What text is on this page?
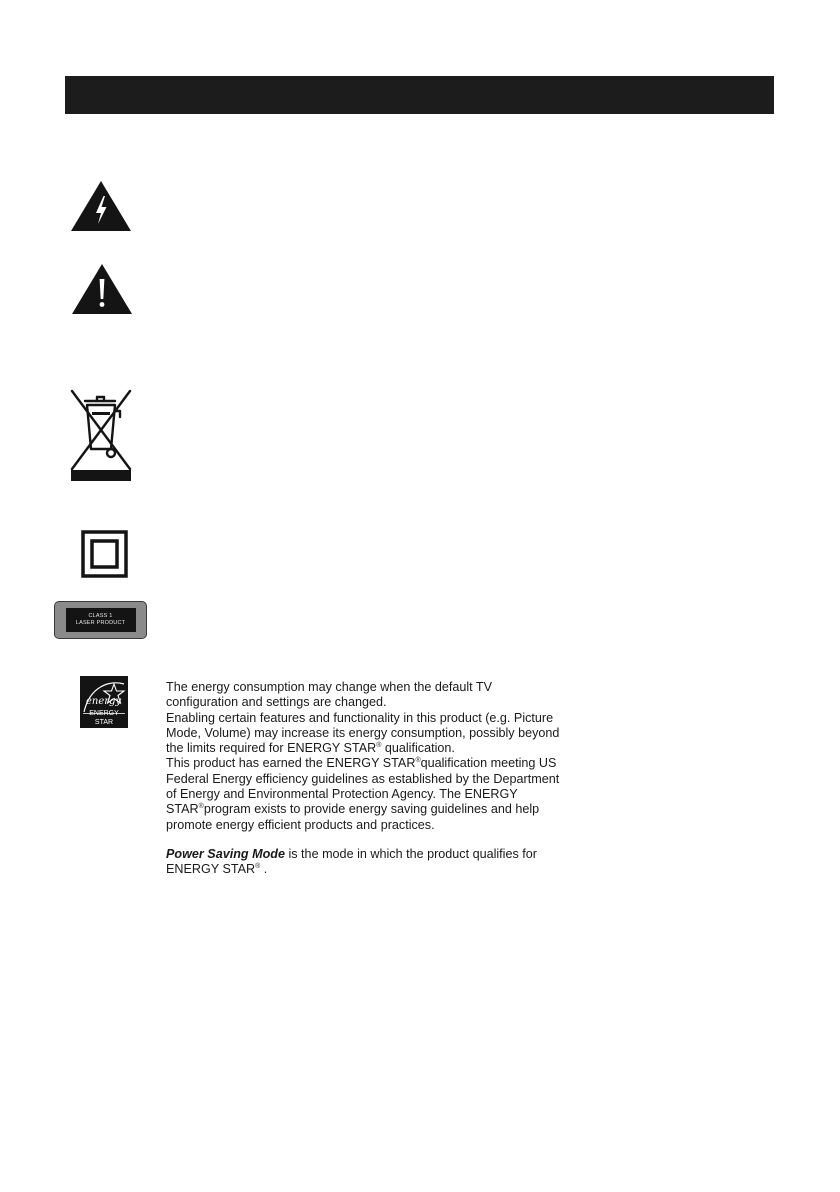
CLASS 1
LASER PRODUCT
energy
ENERGY STAR

The energy consumption may change when the default TV configuration and settings are changed.

Enabling certain features and functionality in this product (e.g. Picture Mode, Volume) may increase its energy consumption, possibly beyond the limits required for ENERGY STAR® qualification.

This product has earned the ENERGY STAR®qualification meeting US Federal Energy efficiency guidelines as established by the Department of Energy and Environmental Protection Agency. The ENERGY STAR®program exists to provide energy saving guidelines and help promote energy efficient products and practices.

Power Saving Mode is the mode in which the product qualifies for ENERGY STAR® .
